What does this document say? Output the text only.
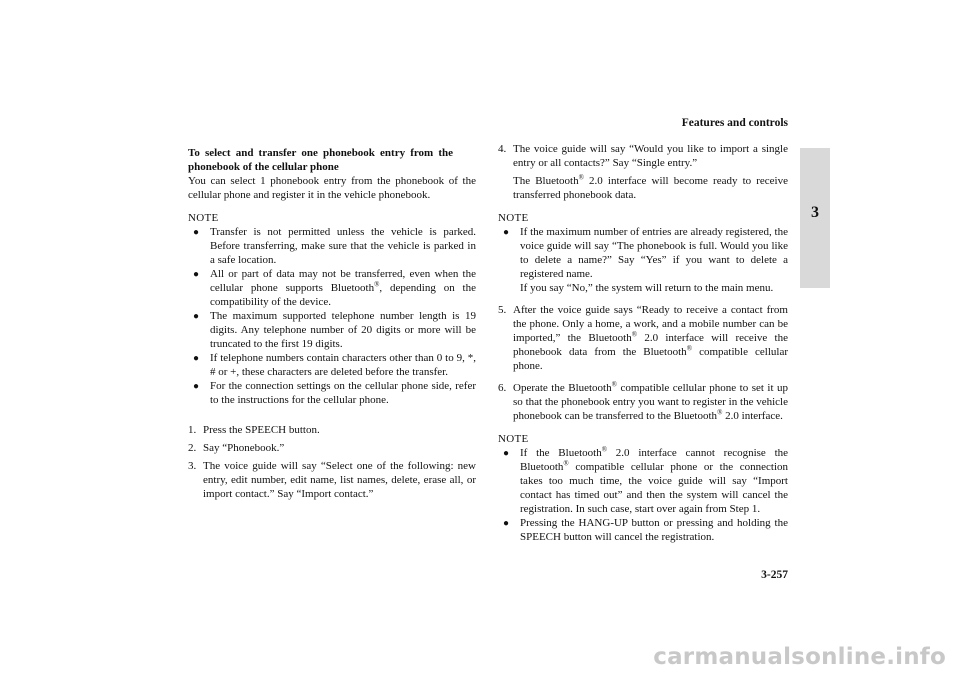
Features and controls
3

To select and transfer one phonebook entry from the phonebook of the cellular phone

You can select 1 phonebook entry from the phonebook of the cellular phone and register it in the vehicle phonebook.

NOTE

● Transfer is not permitted unless the vehicle is parked. Before transferring, make sure that the vehicle is parked in a safe location.
● All or part of data may not be transferred, even when the cellular phone supports Bluetooth®, depending on the compatibility of the device.
● The maximum supported telephone number length is 19 digits. Any telephone number of 20 digits or more will be truncated to the first 19 digits.
● If telephone numbers contain characters other than 0 to 9, *, # or +, these characters are deleted before the transfer.
● For the connection settings on the cellular phone side, refer to the instructions for the cellular phone.
1. Press the SPEECH button.
2. Say “Phonebook.”
3. The voice guide will say “Select one of the following: new entry, edit number, edit name, list names, delete, erase all, or import contact.” Say “Import contact.”
4. The voice guide will say “Would you like to import a single entry or all contacts?” Say “Single entry.”

The Bluetooth® 2.0 interface will become ready to receive transferred phonebook data.

NOTE

● If the maximum number of entries are already registered, the voice guide will say “The phonebook is full. Would you like to delete a name?” Say “Yes” if you want to delete a registered name.

If you say “No,” the system will return to the main menu.

5. After the voice guide says “Ready to receive a contact from the phone. Only a home, a work, and a mobile number can be imported,” the Bluetooth® 2.0 interface will receive the phonebook data from the Bluetooth® compatible cellular phone.
6. Operate the Bluetooth® compatible cellular phone to set it up so that the phonebook entry you want to register in the vehicle phonebook can be transferred to the Bluetooth® 2.0 interface.

NOTE

● If the Bluetooth® 2.0 interface cannot recognise the Bluetooth® compatible cellular phone or the connection takes too much time, the voice guide will say “Import contact has timed out” and then the system will cancel the registration. In such case, start over again from Step 1.
● Pressing the HANG-UP button or pressing and holding the SPEECH button will cancel the registration.
3-257
carmanualsonline.info
